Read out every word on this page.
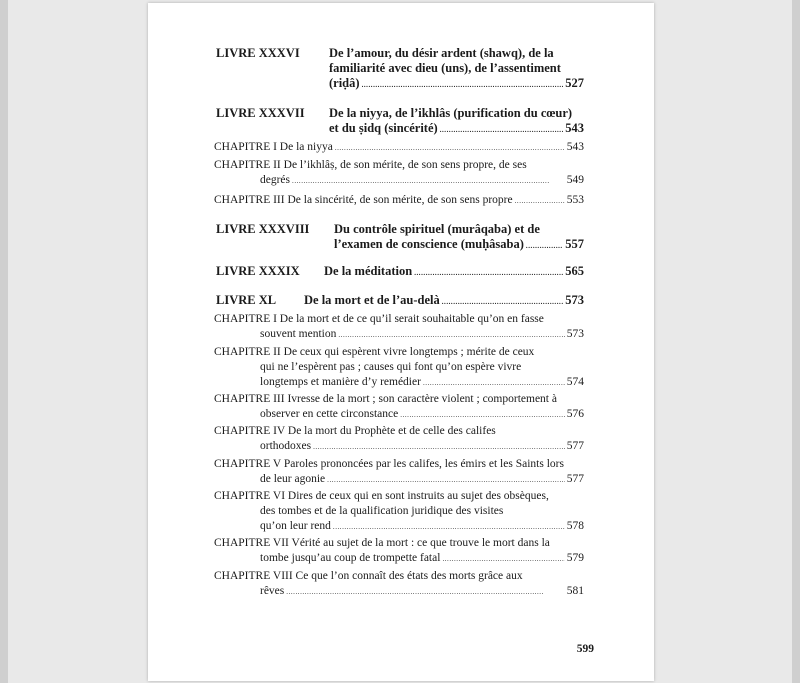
LIVRE XXXVI De l’amour, du désir ardent (shawq), de la
familiarité avec dieu (uns), de l’assentiment
(riḍâ) . . .	527
LIVRE XXXVII De la niyya, de l’ikhlâs (purification du cœur)
et du ṣidq (sincérité) . . .	543
CHAPITRE I De la niyya . . .	543
CHAPITRE II De l’ikhlâṣ, de son mérite, de son sens propre, de ses
degrés . . .	549
CHAPITRE III De la sincérité, de son mérite, de son sens propre . . .	553
LIVRE XXXVIII Du contrôle spirituel (murâqaba) et de
l’examen de conscience (muḥâsaba) . . .	557
LIVRE XXXIX De la méditation . . .	565
LIVRE XL De la mort et de l’au-delà . . .	573
CHAPITRE I De la mort et de ce qu’il serait souhaitable qu’on en fasse
souvent mention . . .	573
CHAPITRE II De ceux qui espèrent vivre longtemps ; mérite de ceux
qui ne l’espèrent pas ; causes qui font qu’on espère vivre
longtemps et manière d’y remédier . . .	574
CHAPITRE III Ivresse de la mort ; son caractère violent ; comportement à
observer en cette circonstance . . .	576
CHAPITRE IV De la mort du Prophète et de celle des califes
orthodoxes . . .	577
CHAPITRE V Paroles prononcées par les califes, les émirs et les Saints lors
de leur agonie . . .	577
CHAPITRE VI Dires de ceux qui en sont instruits au sujet des obsèques,
des tombes et de la qualification juridique des visites
qu’on leur rend . . .	578
CHAPITRE VII Vérité au sujet de la mort : ce que trouve le mort dans la
tombe jusqu’au coup de trompette fatal . . .	579
CHAPITRE VIII Ce que l’on connaît des états des morts grâce aux
rêves . . .	581
599
